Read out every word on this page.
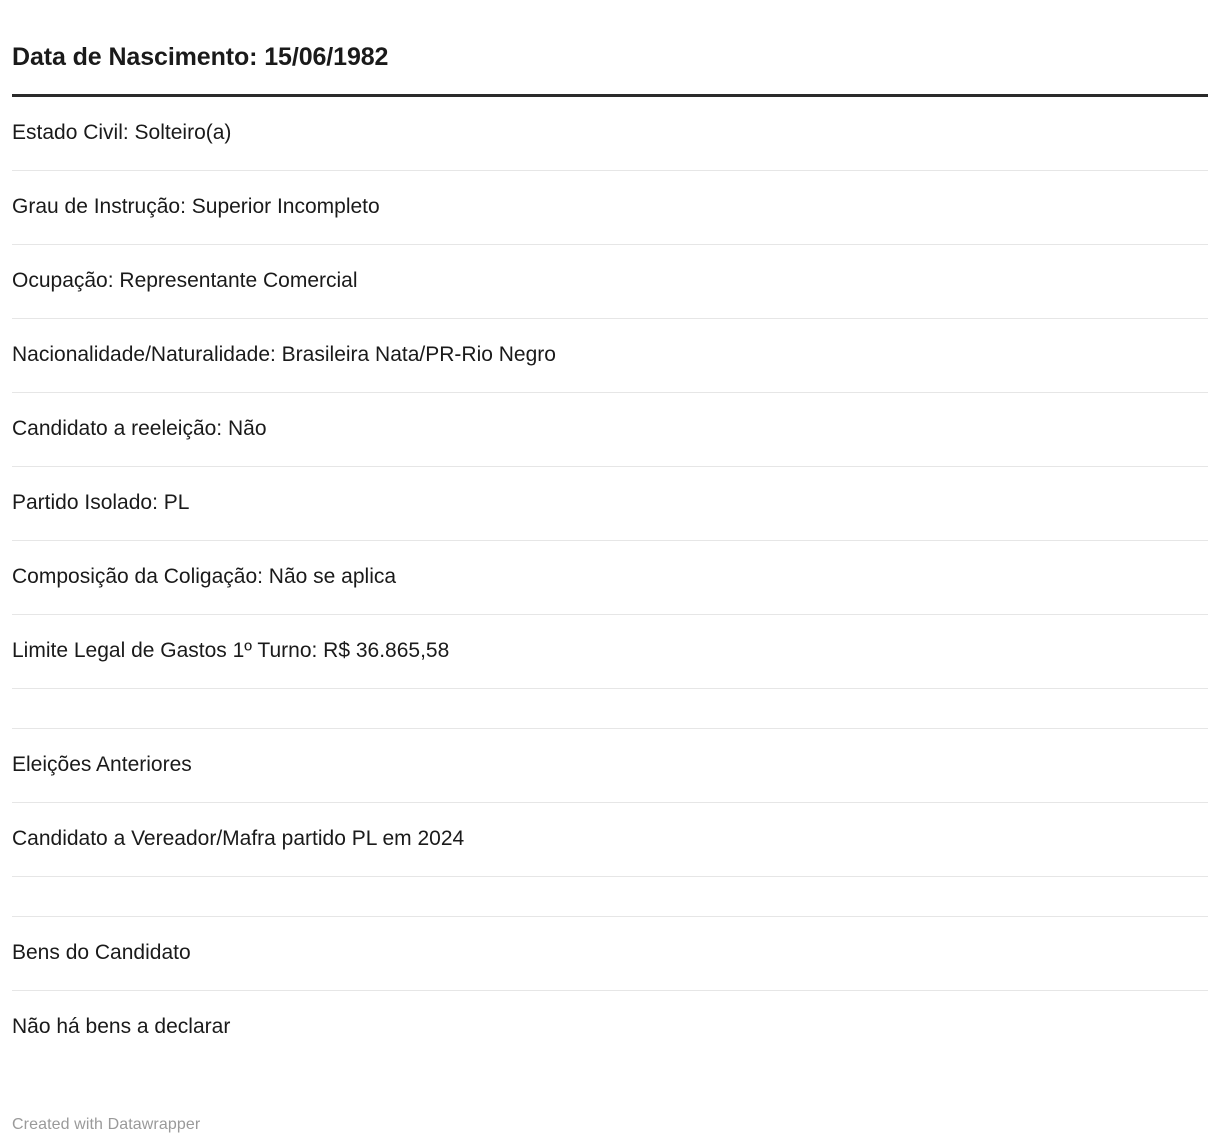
Data de Nascimento: 15/06/1982
Estado Civil: Solteiro(a)
Grau de Instrução: Superior Incompleto
Ocupação: Representante Comercial
Nacionalidade/Naturalidade: Brasileira Nata/PR-Rio Negro
Candidato a reeleição: Não
Partido Isolado: PL
Composição da Coligação: Não se aplica
Limite Legal de Gastos 1º Turno: R$ 36.865,58
Eleições Anteriores
Candidato a Vereador/Mafra partido PL em 2024
Bens do Candidato
Não há bens a declarar
Created with Datawrapper
